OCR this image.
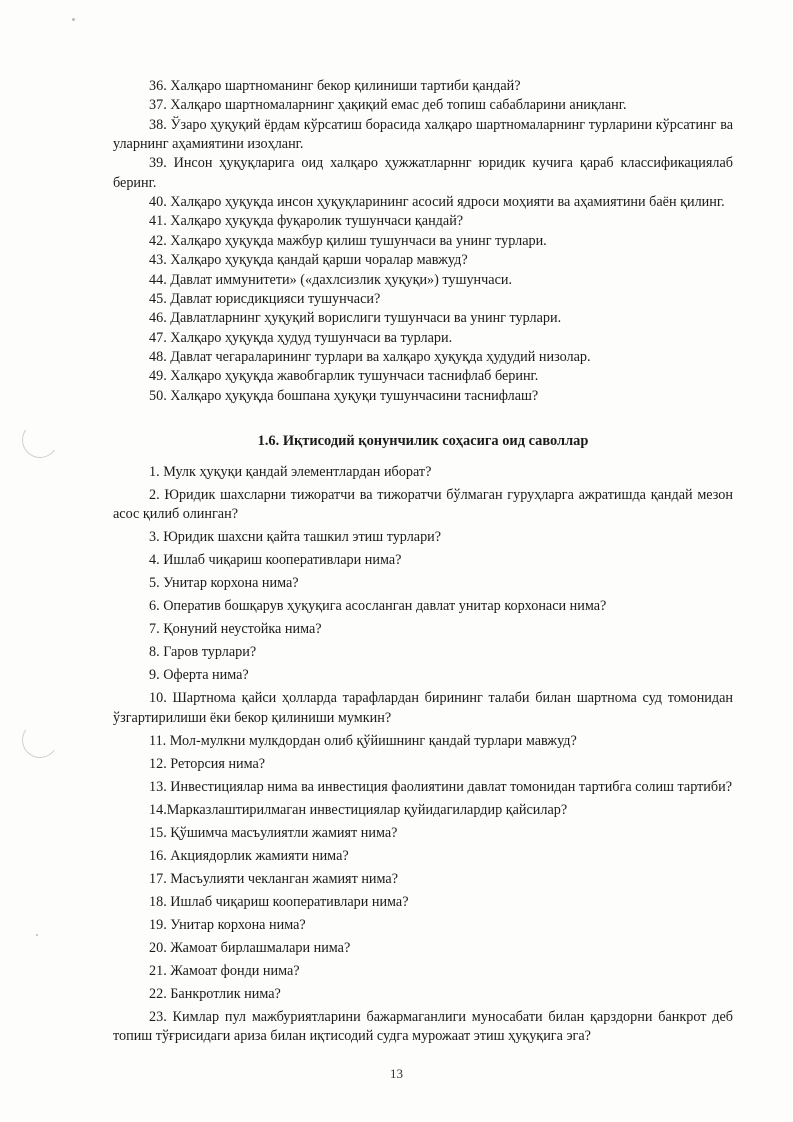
36. Халқаро шартноманинг бекор қилиниши тартиби қандай?

37. Халқаро шартномаларнинг ҳақиқий емас деб топиш сабабларини аниқланг.

38. Ўзаро ҳуқуқий ёрдам кўрсатиш борасида халқаро шартномаларнинг турларини кўрсатинг ва уларнинг аҳамиятини изоҳланг.

39. Инсон ҳуқуқларига оид халқаро ҳужжатларннг юридик кучига қараб классификациялаб беринг.

40. Халқаро ҳуқуқда инсон ҳуқуқларининг асосий ядроси моҳияти ва аҳамиятини баён қилинг.

41. Халқаро ҳуқуқда фуқаролик тушунчаси қандай?

42. Халқаро ҳуқуқда мажбур қилиш тушунчаси ва унинг турлари.

43. Халқаро ҳуқуқда қандай қарши чоралар мавжуд?

44. Давлат иммунитети» («дахлсизлик ҳуқуқи») тушунчаси.

45. Давлат юрисдикцияси тушунчаси?

46. Давлатларнинг ҳуқуқий ворислиги тушунчаси ва унинг турлари.

47. Халқаро ҳуқуқда ҳудуд тушунчаси ва турлари.

48. Давлат чегараларининг турлари ва халқаро ҳуқуқда ҳудудий низолар.

49. Халқаро ҳуқуқда жавобгарлик тушунчаси таснифлаб беринг.

50. Халқаро ҳуқуқда бошпана ҳуқуқи тушунчасини таснифлаш?

1.6. Иқтисодий қонунчилик соҳасига оид саволлар

1. Мулк ҳуқуқи қандай элементлардан иборат?

2. Юридик шахсларни тижоратчи ва тижоратчи бўлмаган гуруҳларга ажратишда қандай мезон асос қилиб олинган?

3. Юридик шахсни қайта ташкил этиш турлари?

4. Ишлаб чиқариш кооперативлари нима?

5. Унитар корхона нима?

6. Оператив бошқарув ҳуқуқига асосланган давлат унитар корхонаси нима?

7. Қонуний неустойка нима?

8. Гаров турлари?

9. Оферта нима?

10. Шартнома қайси ҳолларда тарафлардан бирининг талаби билан шартнома суд томонидан ўзгартирилиши ёки бекор қилиниши мумкин?

11. Мол-мулкни мулкдордан олиб қўйишнинг қандай турлари мавжуд?

12. Реторсия нима?

13. Инвестициялар нима ва инвестиция фаолиятини давлат томонидан тартибга солиш тартиби?

14.Марказлаштирилмаган инвестициялар қуйидагилардир қайсилар?

15. Қўшимча масъулиятли жамият нима?

16. Акциядорлик жамияти нима?

17. Масъулияти чекланган жамият нима?

18. Ишлаб чиқариш кооперативлари нима?

19. Унитар корхона нима?

20. Жамоат бирлашмалари нима?

21. Жамоат фонди нима?

22. Банкротлик нима?

23. Кимлар пул мажбуриятларини бажармаганлиги муносабати билан қарздорни банкрот деб топиш тўғрисидаги ариза билан иқтисодий судга мурожаат этиш ҳуқуқига эга?

13
